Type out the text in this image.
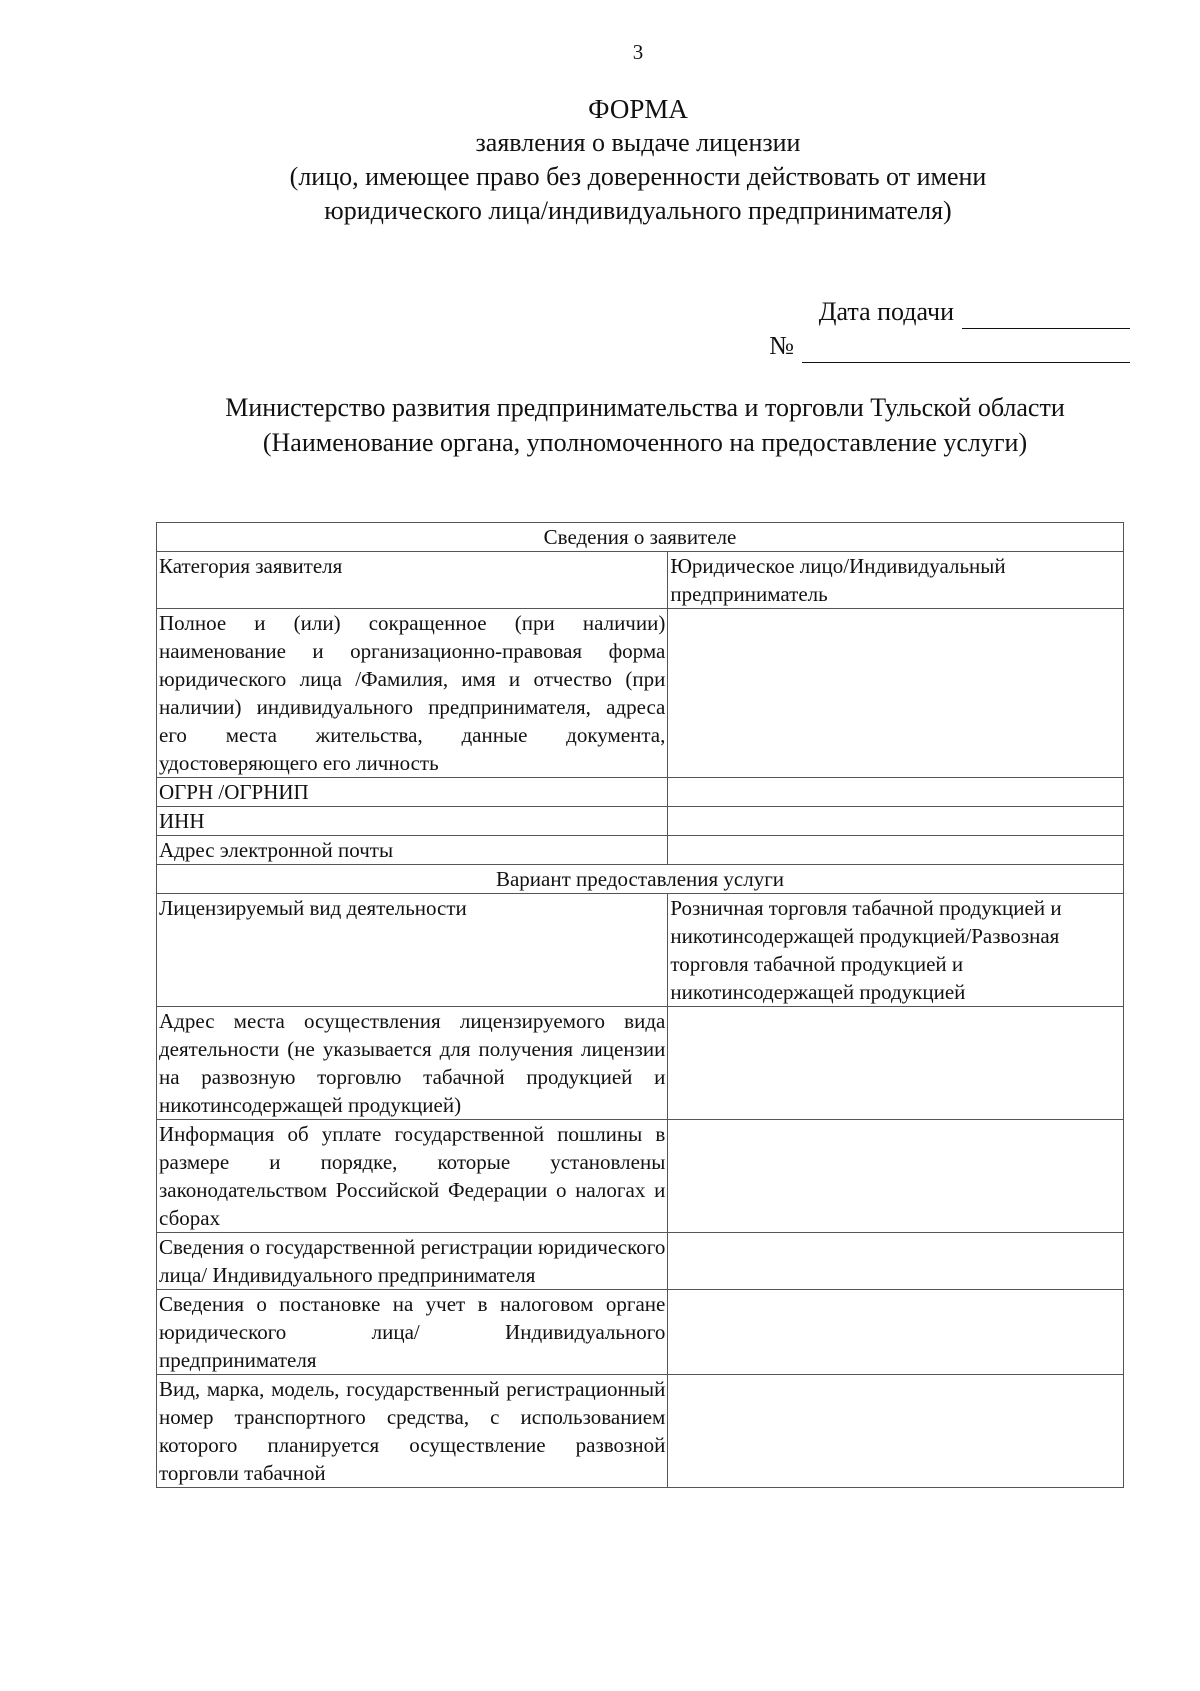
3
ФОРМА
заявления о выдаче лицензии
(лицо, имеющее право без доверенности действовать от имени
юридического лица/индивидуального предпринимателя)
Дата подачи
№
Министерство развития предпринимательства и торговли Тульской области
(Наименование органа, уполномоченного на предоставление услуги)
Сведения о заявителе	
Категория заявителя	Юридическое лицо/Индивидуальный предприниматель
Полное и (или) сокращенное (при наличии) наименование и организационно-правовая форма юридического лица /Фамилия, имя и отчество (при наличии) индивидуального предпринимателя, адреса его места жительства, данные документа, удостоверяющего его личность	
ОГРН /ОГРНИП	
ИНН	
Адрес электронной почты	
Вариант предоставления услуги	
Лицензируемый вид деятельности	Розничная торговля табачной продукцией и никотинсодержащей продукцией/Развозная торговля табачной продукцией и никотинсодержащей продукцией
Адрес места осуществления лицензируемого вида деятельности (не указывается для получения лицензии на развозную торговлю табачной продукцией и никотинсодержащей продукцией)	
Информация об уплате государственной пошлины в размере и порядке, которые установлены законодательством Российской Федерации о налогах и сборах	
Сведения о государственной регистрации юридического лица/ Индивидуального предпринимателя	
Сведения о постановке на учет в налоговом органе юридического лица/ Индивидуального предпринимателя	
Вид, марка, модель, государственный регистрационный номер транспортного средства, с использованием которого планируется осуществление развозной торговли табачной	
